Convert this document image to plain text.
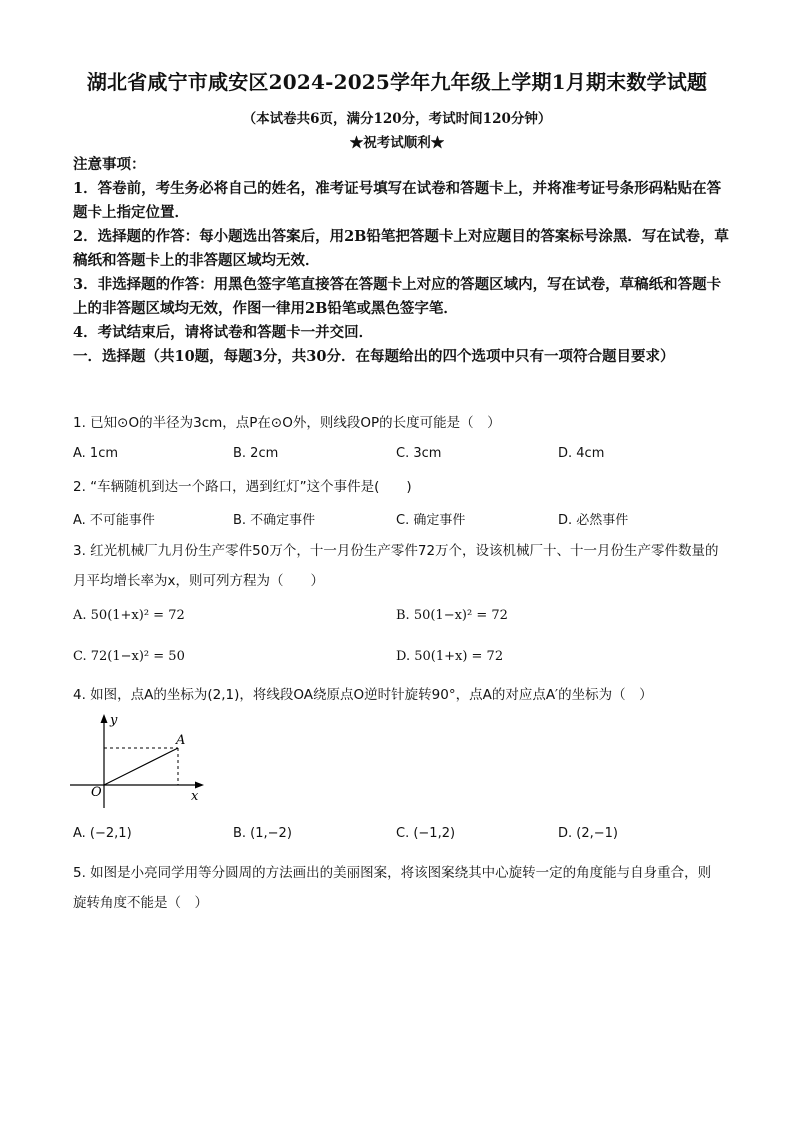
湖北省咸宁市咸安区2024-2025学年九年级上学期1月期末数学试题
（本试卷共6页，满分120分，考试时间120分钟）
★祝考试顺利★

注意事项：

1．答卷前，考生务必将自己的姓名，准考证号填写在试卷和答题卡上，并将准考证号条形码粘贴在答题卡上指定位置．

2．选择题的作答：每小题选出答案后，用2B铅笔把答题卡上对应题目的答案标号涂黑．写在试卷，草稿纸和答题卡上的非答题区域均无效．

3．非选择题的作答：用黑色签字笔直接答在答题卡上对应的答题区域内，写在试卷，草稿纸和答题卡上的非答题区域均无效，作图一律用2B铅笔或黑色签字笔．

4．考试结束后，请将试卷和答题卡一并交回．

一．选择题（共10题，每题3分，共30分．在每题给出的四个选项中只有一项符合题目要求）

1. 已知⊙O的半径为3cm，点P在⊙O外，则线段OP的长度可能是（　）

A. 1cm	B. 2cm	C. 3cm	D. 4cm

2. “车辆随机到达一个路口，遇到红灯”这个事件是(　　)

A. 不可能事件	B. 不确定事件	C. 确定事件	D. 必然事件

3. 红光机械厂九月份生产零件50万个，十一月份生产零件72万个，设该机械厂十、十一月份生产零件数量的月平均增长率为x，则可列方程为（　　）

A. 50(1+x)² = 72	B. 50(1−x)² = 72
C. 72(1−x)² = 50	D. 50(1+x) = 72

4. 如图，点A的坐标为(2,1)，将线段OA绕原点O逆时针旋转90°，点A的对应点A′的坐标为（　）

y
x
O
A
A. (−2,1)	B. (1,−2)	C. (−1,2)	D. (2,−1)

5. 如图是小亮同学用等分圆周的方法画出的美丽图案，将该图案绕其中心旋转一定的角度能与自身重合，则旋转角度不能是（　）
